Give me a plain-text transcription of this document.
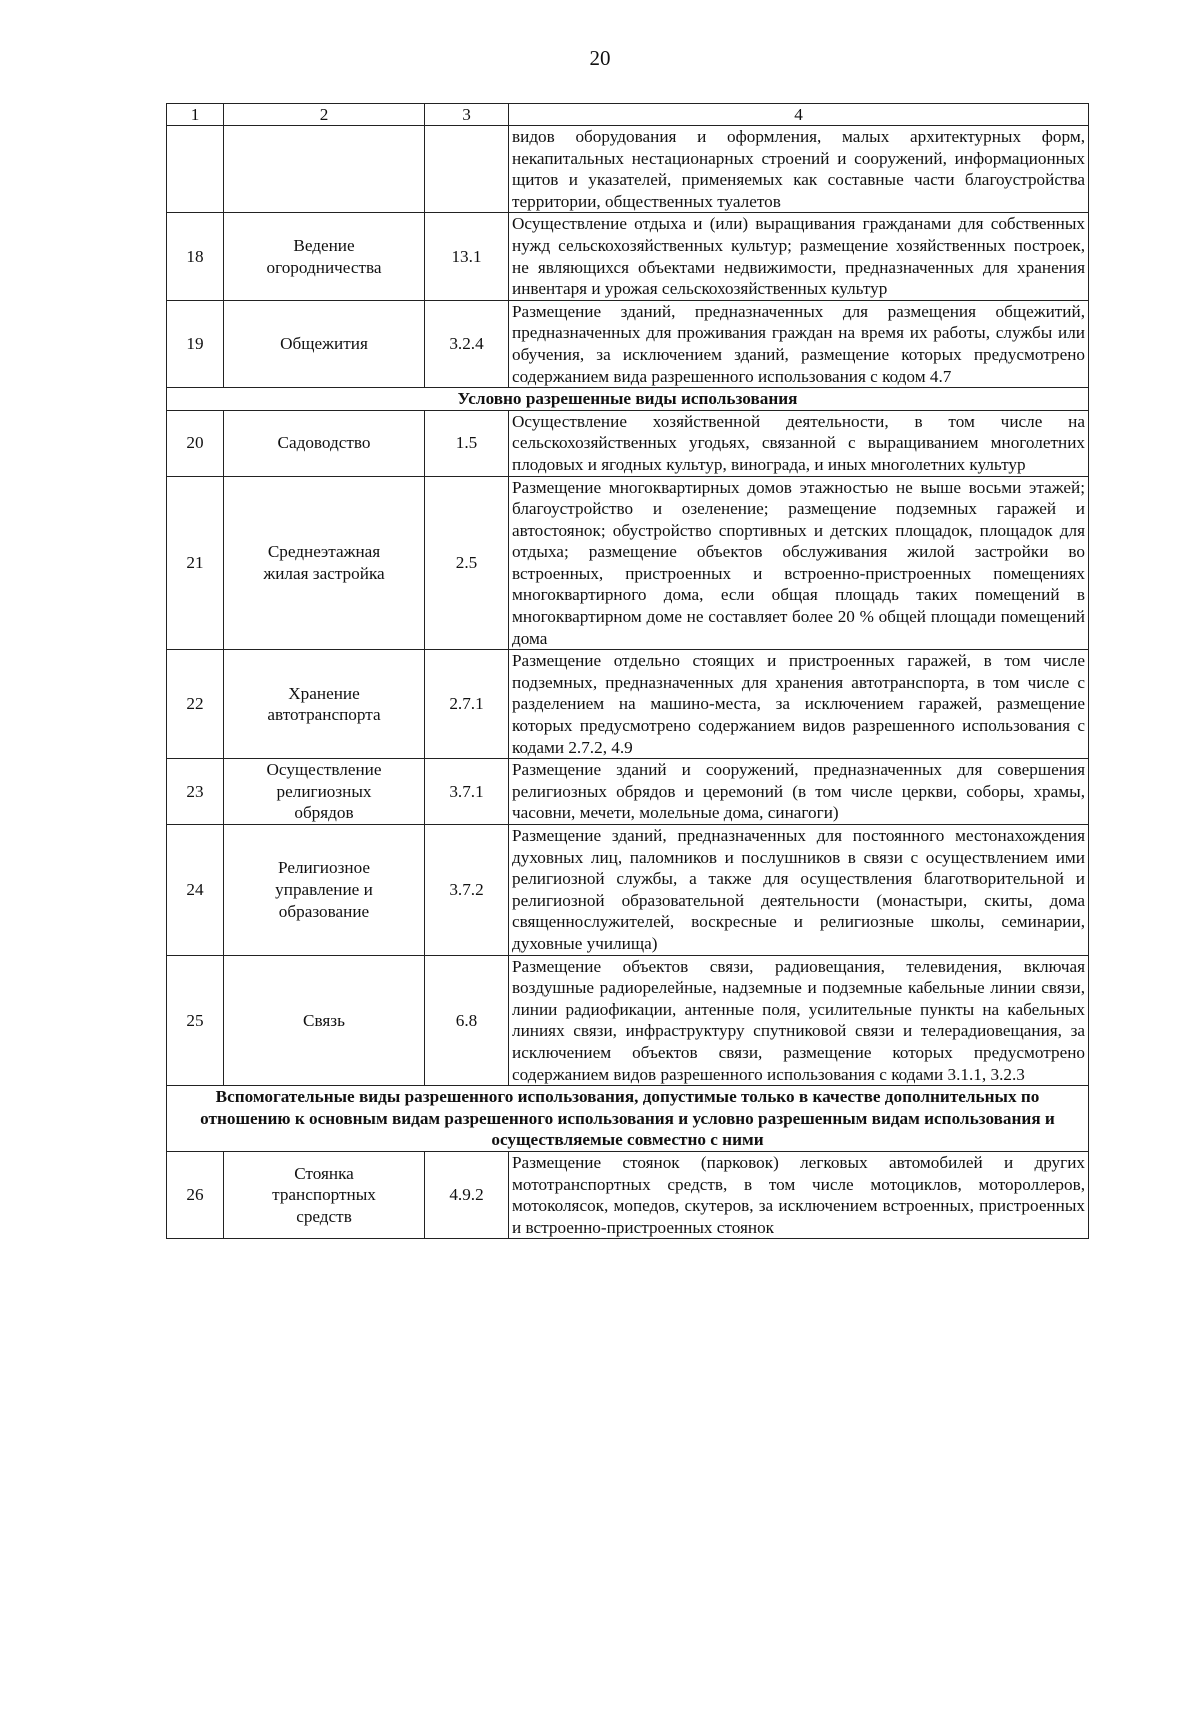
20
1	2	3	4
			видов оборудования и оформления, малых архитектурных форм, некапитальных нестационарных строений и сооружений, информационных щитов и указателей, применяемых как составные части благоустройства территории, общественных туалетов
18	Ведение огородничества	13.1	Осуществление отдыха и (или) выращивания гражданами для собственных нужд сельскохозяйственных культур; размещение хозяйственных построек, не являющихся объектами недвижимости, предназначенных для хранения инвентаря и урожая сельскохозяйственных культур
19	Общежития	3.2.4	Размещение зданий, предназначенных для размещения общежитий, предназначенных для проживания граждан на время их работы, службы или обучения, за исключением зданий, размещение которых предусмотрено содержанием вида разрешенного использования с кодом 4.7
Условно разрешенные виды использования			
20	Садоводство	1.5	Осуществление хозяйственной деятельности, в том числе на сельскохозяйственных угодьях, связанной с выращиванием многолетних плодовых и ягодных культур, винограда, и иных многолетних культур
21	Среднеэтажная жилая застройка	2.5	Размещение многоквартирных домов этажностью не выше восьми этажей; благоустройство и озеленение; размещение подземных гаражей и автостоянок; обустройство спортивных и детских площадок, площадок для отдыха; размещение объектов обслуживания жилой застройки во встроенных, пристроенных и встроенно-пристроенных помещениях многоквартирного дома, если общая площадь таких помещений в многоквартирном доме не составляет более 20 % общей площади помещений дома
22	Хранение автотранспорта	2.7.1	Размещение отдельно стоящих и пристроенных гаражей, в том числе подземных, предназначенных для хранения автотранспорта, в том числе с разделением на машино-места, за исключением гаражей, размещение которых предусмотрено содержанием видов разрешенного использования с кодами 2.7.2, 4.9
23	Осуществление религиозных обрядов	3.7.1	Размещение зданий и сооружений, предназначенных для совершения религиозных обрядов и церемоний (в том числе церкви, соборы, храмы, часовни, мечети, молельные дома, синагоги)
24	Религиозное управление и образование	3.7.2	Размещение зданий, предназначенных для постоянного местонахождения духовных лиц, паломников и послушников в связи с осуществлением ими религиозной службы, а также для осуществления благотворительной и религиозной образовательной деятельности (монастыри, скиты, дома священнослужителей, воскресные и религиозные школы, семинарии, духовные училища)
25	Связь	6.8	Размещение объектов связи, радиовещания, телевидения, включая воздушные радиорелейные, надземные и подземные кабельные линии связи, линии радиофикации, антенные поля, усилительные пункты на кабельных линиях связи, инфраструктуру спутниковой связи и телерадиовещания, за исключением объектов связи, размещение которых предусмотрено содержанием видов разрешенного использования с кодами 3.1.1, 3.2.3
Вспомогательные виды разрешенного использования, допустимые только в качестве дополнительных по отношению к основным видам разрешенного использования и условно разрешенным видам использования и осуществляемые совместно с ними			
26	Стоянка транспортных средств	4.9.2	Размещение стоянок (парковок) легковых автомобилей и других мототранспортных средств, в том числе мотоциклов, мотороллеров, мотоколясок, мопедов, скутеров, за исключением встроенных, пристроенных и встроенно-пристроенных стоянок
